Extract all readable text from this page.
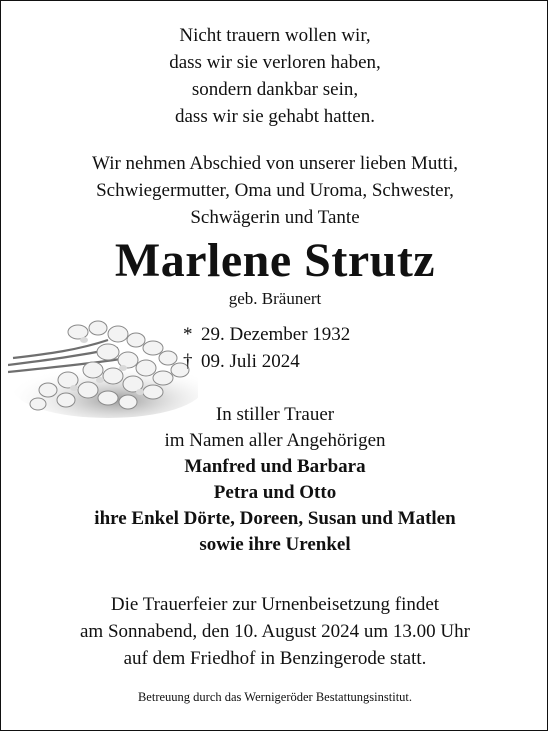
Nicht trauern wollen wir,
dass wir sie verloren haben,
sondern dankbar sein,
dass wir sie gehabt hatten.
Wir nehmen Abschied von unserer lieben Mutti,
Schwiegermutter, Oma und Uroma, Schwester,
Schwägerin und Tante
Marlene Strutz
geb. Bräunert
* 29. Dezember 1932
† 09. Juli 2024
In stiller Trauer
im Namen aller Angehörigen
Manfred und Barbara
Petra und Otto
ihre Enkel Dörte, Doreen, Susan und Matlen
sowie ihre Urenkel
Die Trauerfeier zur Urnenbeisetzung findet
am Sonnabend, den 10. August 2024 um 13.00 Uhr
auf dem Friedhof in Benzingerode statt.
Betreuung durch das Wernigeröder Bestattungsinstitut.
